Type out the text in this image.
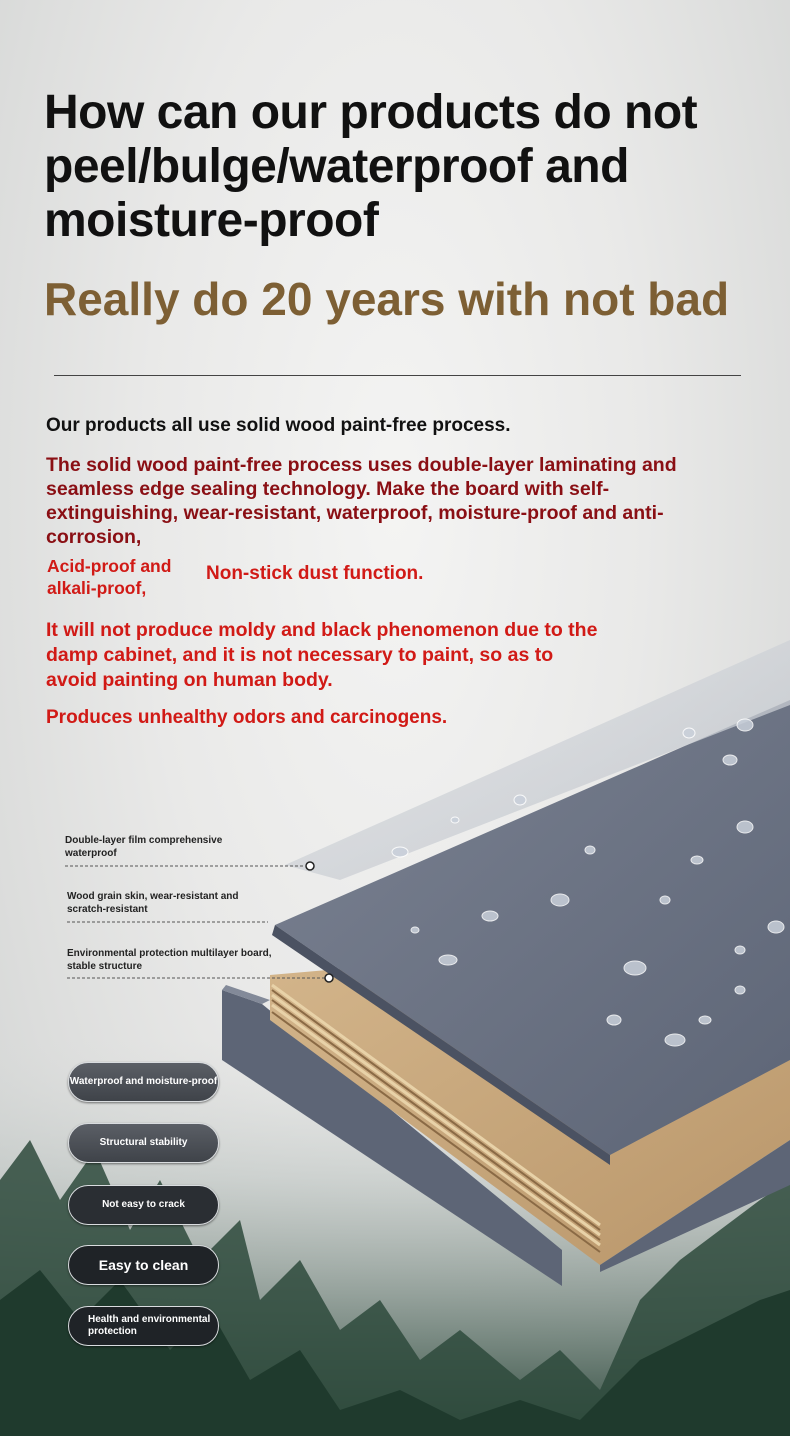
How can our products do not peel/bulge/waterproof and moisture-proof
Really do 20 years with not bad
Our products all use solid wood paint-free process.
The solid wood paint-free process uses double-layer laminating and seamless edge sealing technology. Make the board with self-extinguishing, wear-resistant, waterproof, moisture-proof and anti-corrosion,
Acid-proof and alkali-proof,
Non-stick dust function.
It will not produce moldy and black phenomenon due to the damp cabinet, and it is not necessary to paint, so as to avoid painting on human body.
Produces unhealthy odors and carcinogens.
Double-layer film comprehensive waterproof
Wood grain skin, wear-resistant and scratch-resistant
Environmental protection multilayer board, stable structure
Waterproof and moisture-proof
Structural stability
Not easy to crack
Easy to clean
Health and environmental protection
